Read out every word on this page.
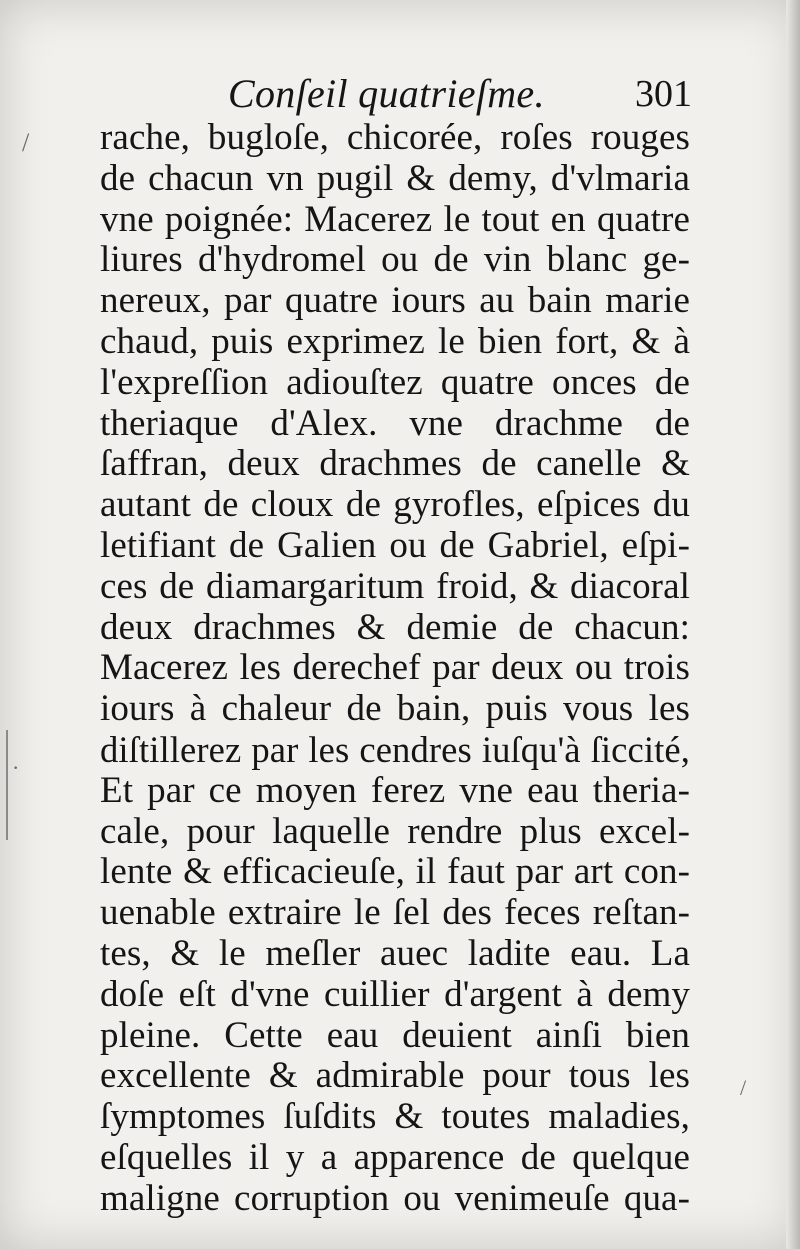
/
·
/
Conſeil quatrieſme. 301
rache, bugloſe, chicorée, roſes rouges
de chacun vn pugil & demy, d'vlmaria
vne poignée: Macerez le tout en quatre
liures d'hydromel ou de vin blanc ge-
nereux, par quatre iours au bain marie
chaud, puis exprimez le bien fort, & à
l'expreſſion adiouſtez quatre onces de
theriaque d'Alex. vne drachme de
ſaffran, deux drachmes de canelle &
autant de cloux de gyrofles, eſpices du
letifiant de Galien ou de Gabriel, eſpi-
ces de diamargaritum froid, & diacoral
deux drachmes & demie de chacun:
Macerez les derechef par deux ou trois
iours à chaleur de bain, puis vous les
diſtillerez par les cendres iuſqu'à ſiccité,
Et par ce moyen ferez vne eau theria-
cale, pour laquelle rendre plus excel-
lente & efficacieuſe, il faut par art con-
uenable extraire le ſel des feces reſtan-
tes, & le meſler auec ladite eau. La
doſe eſt d'vne cuillier d'argent à demy
pleine. Cette eau deuient ainſi bien
excellente & admirable pour tous les
ſymptomes ſuſdits & toutes maladies,
eſquelles il y a apparence de quelque
maligne corruption ou venimeuſe qua-
